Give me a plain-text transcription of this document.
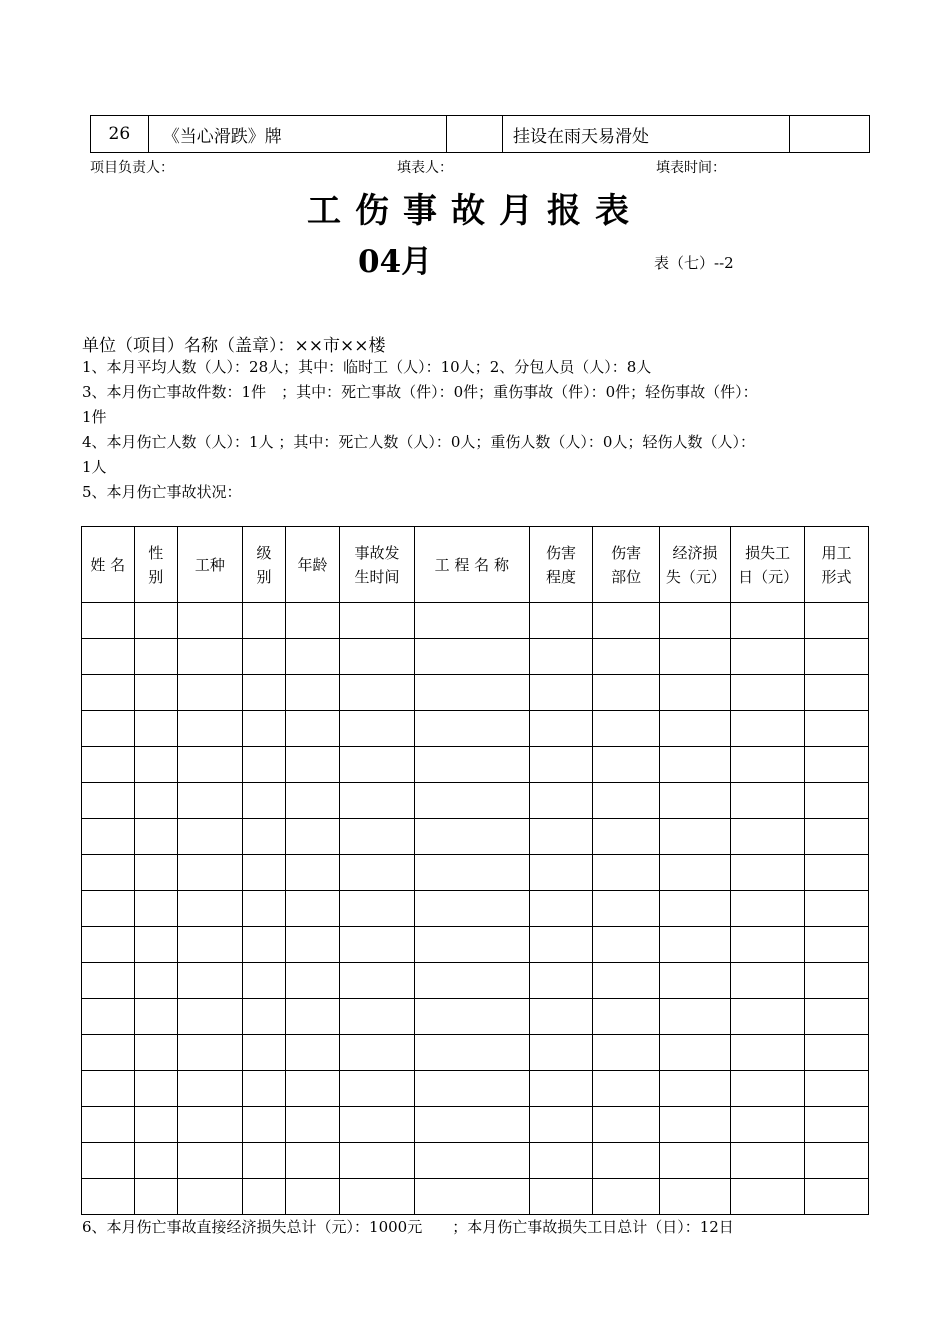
26	《当心滑跌》牌		挂设在雨天易滑处	
项目负责人：	填表人：	填表时间：
工伤事故月报表
04月	表（七）--2
单位（项目）名称（盖章）：××市××楼
1、本月平均人数（人）：28人；其中：临时工（人）：10人；2、分包人员（人）：8人
3、本月伤亡事故件数：1件　；其中：死亡事故（件）：0件；重伤事故（件）：0件；轻伤事故（件）：
1件
4、本月伤亡人数（人）：1人 ；其中：死亡人数（人）：0人；重伤人数（人）：0人；轻伤人数（人）：
1人
5、本月伤亡事故状况：
姓 名	性别	工种	级别	年龄	事故发生时间	工 程 名 称	伤害程度	伤害部位	经济损失（元）	损失工日（元）	用工形式

6、本月伤亡事故直接经济损失总计（元）：1000元　　；本月伤亡事故损失工日总计（日）：12日
